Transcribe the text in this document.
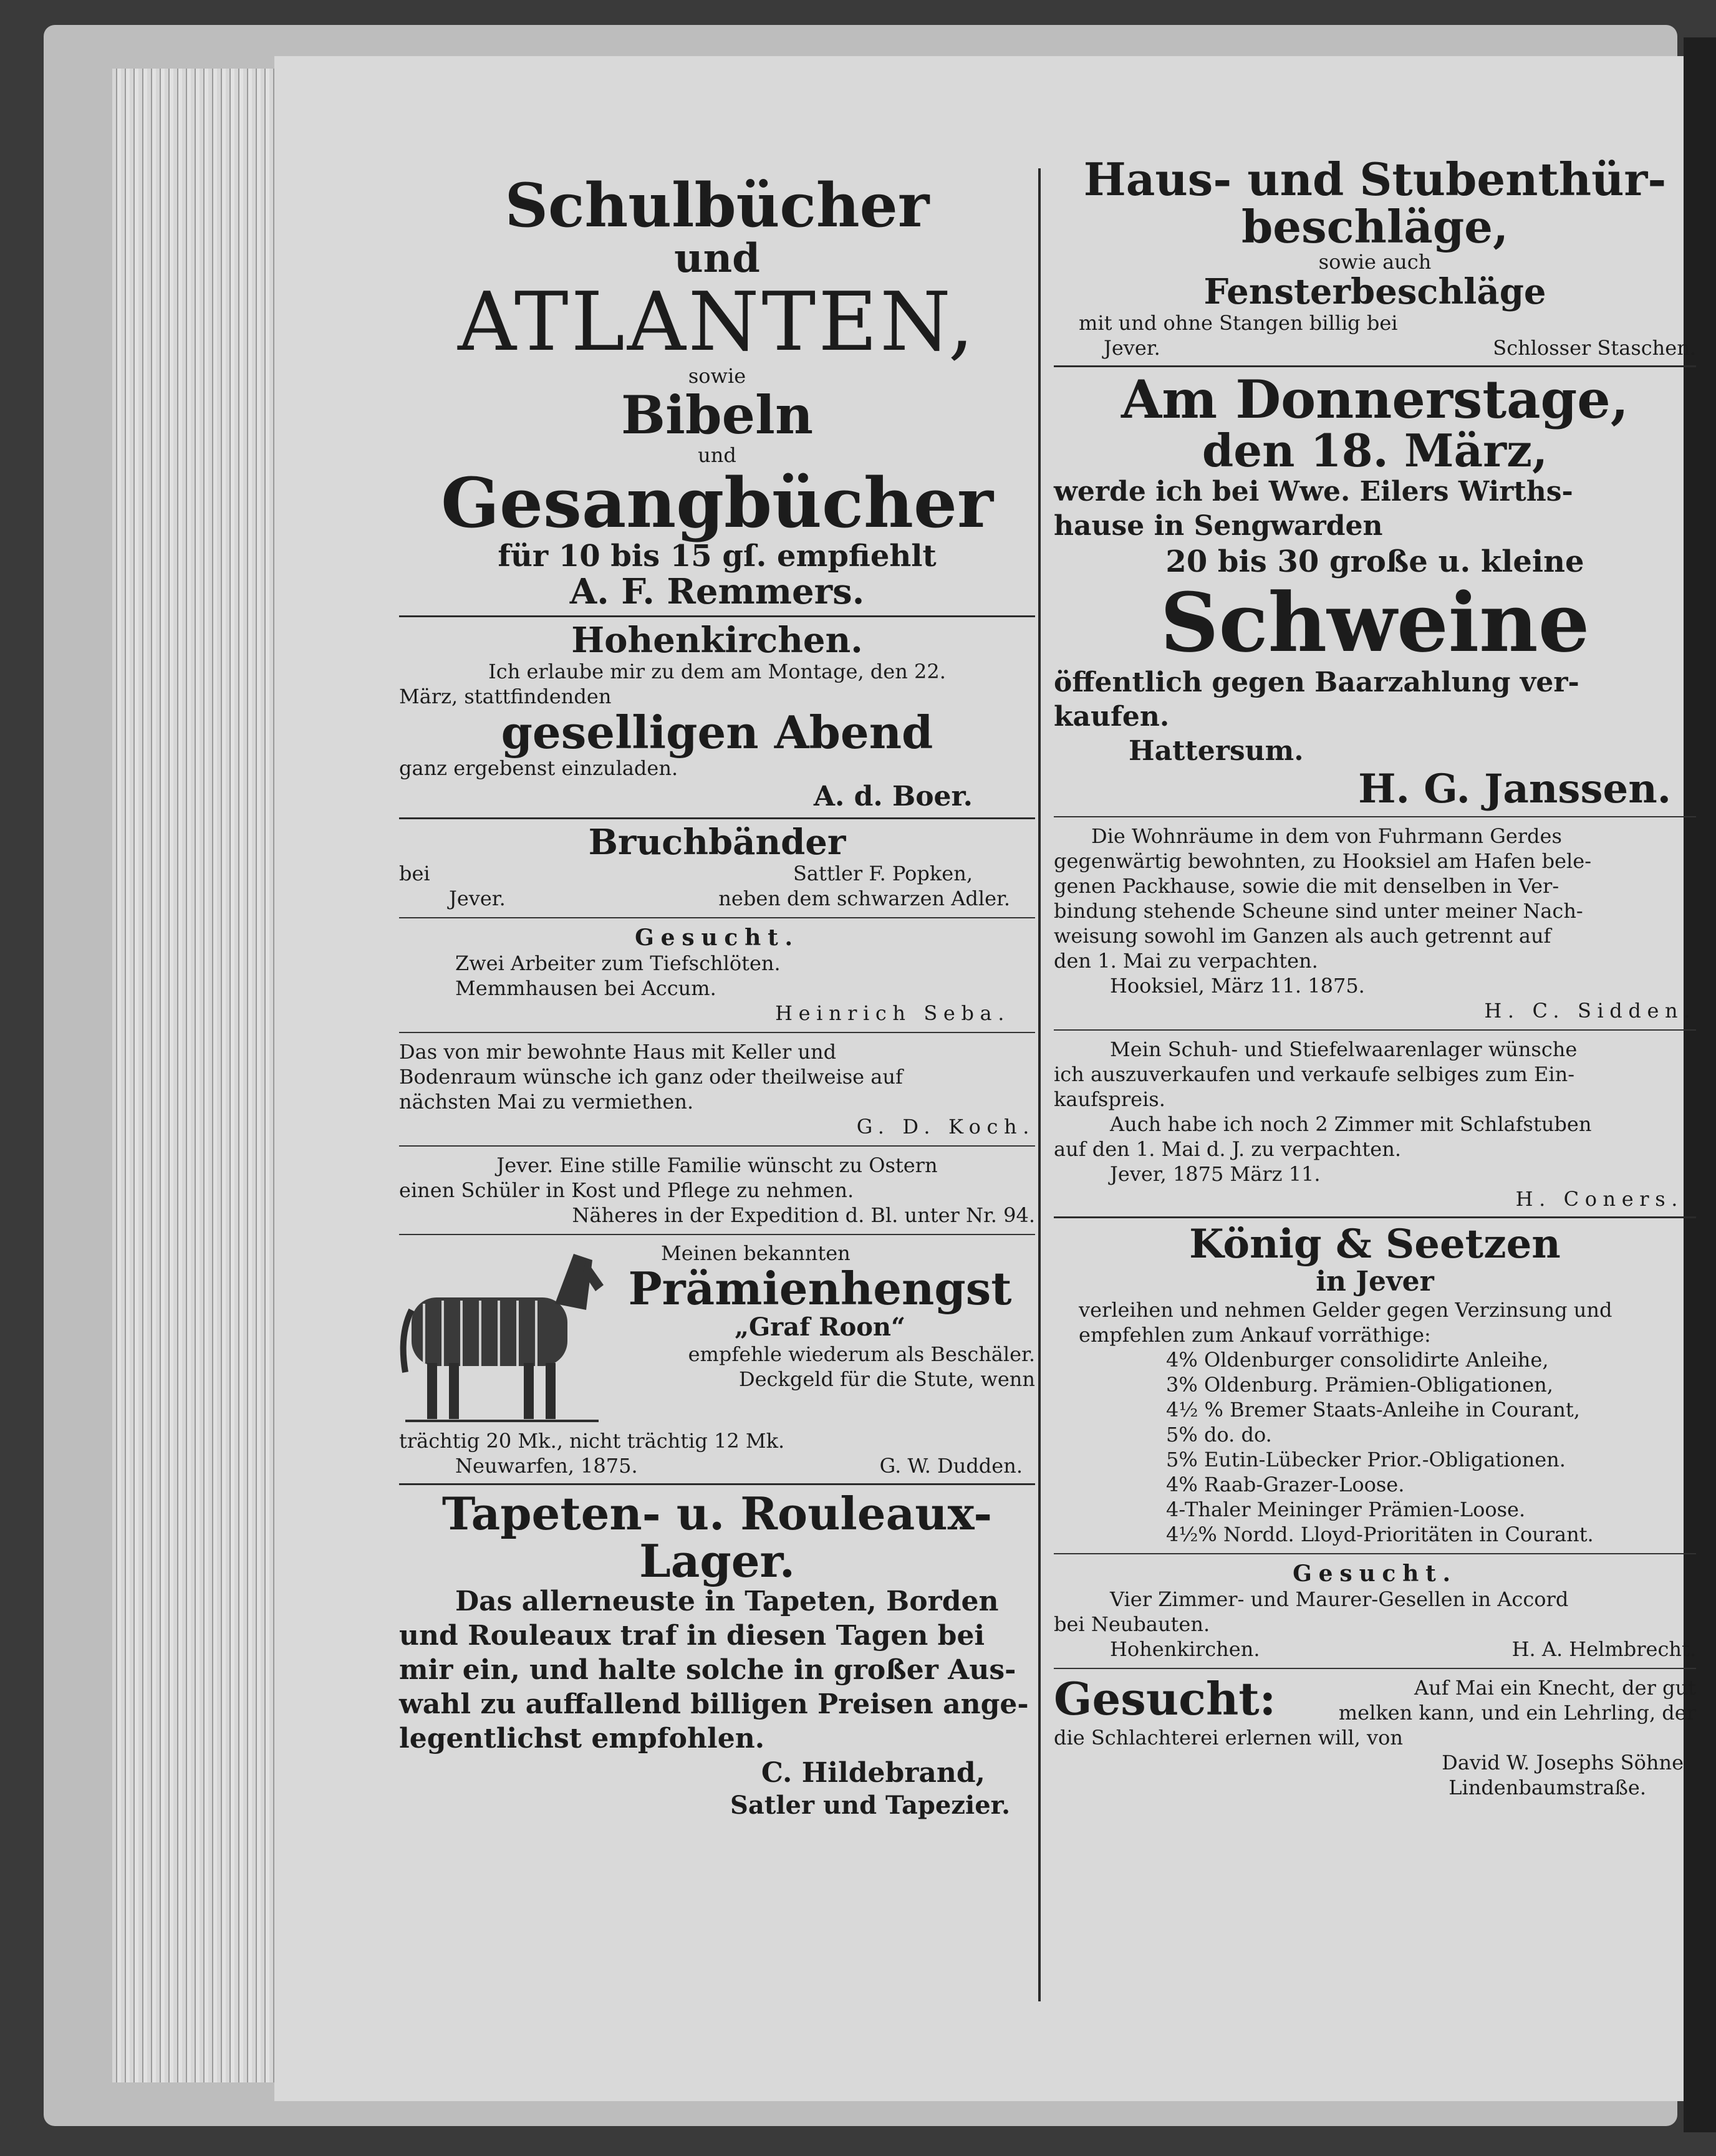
Schulbücher

und

ATLANTEN,

sowie

Bibeln

und

Gesangbücher

für 10 bis 15 gſ. empfiehlt

A. F. Remmers.

Hohenkirchen.

Ich erlaube mir zu dem am Montage, den 22.

März, stattfindenden

geselligen Abend

ganz ergebenst einzuladen.

A. d. Boer.

Bruchbänder

bei	Sattler F. Popken,
Jever.	neben dem schwarzen Adler.

Gesucht.

Zwei Arbeiter zum Tiefschlöten.

Memmhausen bei Accum.

Heinrich Seba.

Das von mir bewohnte Haus mit Keller und

Bodenraum wünsche ich ganz oder theilweise auf

nächsten Mai zu vermiethen.

G. D. Koch.

Jever. Eine stille Familie wünscht zu Ostern

einen Schüler in Kost und Pflege zu nehmen.

Näheres in der Expedition d. Bl. unter Nr. 94.

Meinen bekannten

Prämienhengst

„Graf Roon“

empfehle wiederum als Beschäler.

Deckgeld für die Stute, wenn

trächtig 20 Mk., nicht trächtig 12 Mk.

Neuwarfen, 1875.	G. W. Dudden.

Tapeten- u. Rouleaux-

Lager.

Das allerneuste in Tapeten, Borden

und Rouleaux traf in diesen Tagen bei

mir ein, und halte solche in großer Aus-

wahl zu auffallend billigen Preisen ange-

legentlichst empfohlen.

C. Hildebrand,

Satler und Tapezier.

Haus- und Stubenthür-

beschläge,

sowie auch

Fensterbeschläge

mit und ohne Stangen billig bei

Jever.	Schlosser Staschen.

Am Donnerstage,

den 18. März,

werde ich bei Wwe. Eilers Wirths-

hause in Sengwarden

20 bis 30 große u. kleine

Schweine

öffentlich gegen Baarzahlung ver-

kaufen.

Hattersum.

H. G. Janssen.

Die Wohnräume in dem von Fuhrmann Gerdes

gegenwärtig bewohnten, zu Hooksiel am Hafen bele-

genen Packhause, sowie die mit denselben in Ver-

bindung stehende Scheune sind unter meiner Nach-

weisung sowohl im Ganzen als auch getrennt auf

den 1. Mai zu verpachten.

Hooksiel, März 11. 1875.

H. C. Sidden.

Mein Schuh- und Stiefelwaarenlager wünsche

ich auszuverkaufen und verkaufe selbiges zum Ein-

kaufspreis.

Auch habe ich noch 2 Zimmer mit Schlafstuben

auf den 1. Mai d. J. zu verpachten.

Jever, 1875 März 11.

H. Coners.

König & Seetzen

in Jever

verleihen und nehmen Gelder gegen Verzinsung und

empfehlen zum Ankauf vorräthige:

4% Oldenburger consolidirte Anleihe,

3% Oldenburg. Prämien-Obligationen,

4½ % Bremer Staats-Anleihe in Courant,

5% do. do.

5% Eutin-Lübecker Prior.-Obligationen.

4% Raab-Grazer-Loose.

4-Thaler Meininger Prämien-Loose.

4½% Nordd. Lloyd-Prioritäten in Courant.

Gesucht.

Vier Zimmer- und Maurer-Gesellen in Accord

bei Neubauten.

Hohenkirchen.	H. A. Helmbrecht.

Gesucht:	Auf Mai ein Knecht, der gut

melken kann, und ein Lehrling, der

die Schlachterei erlernen will, von

David W. Josephs Söhne

Lindenbaumstraße.
